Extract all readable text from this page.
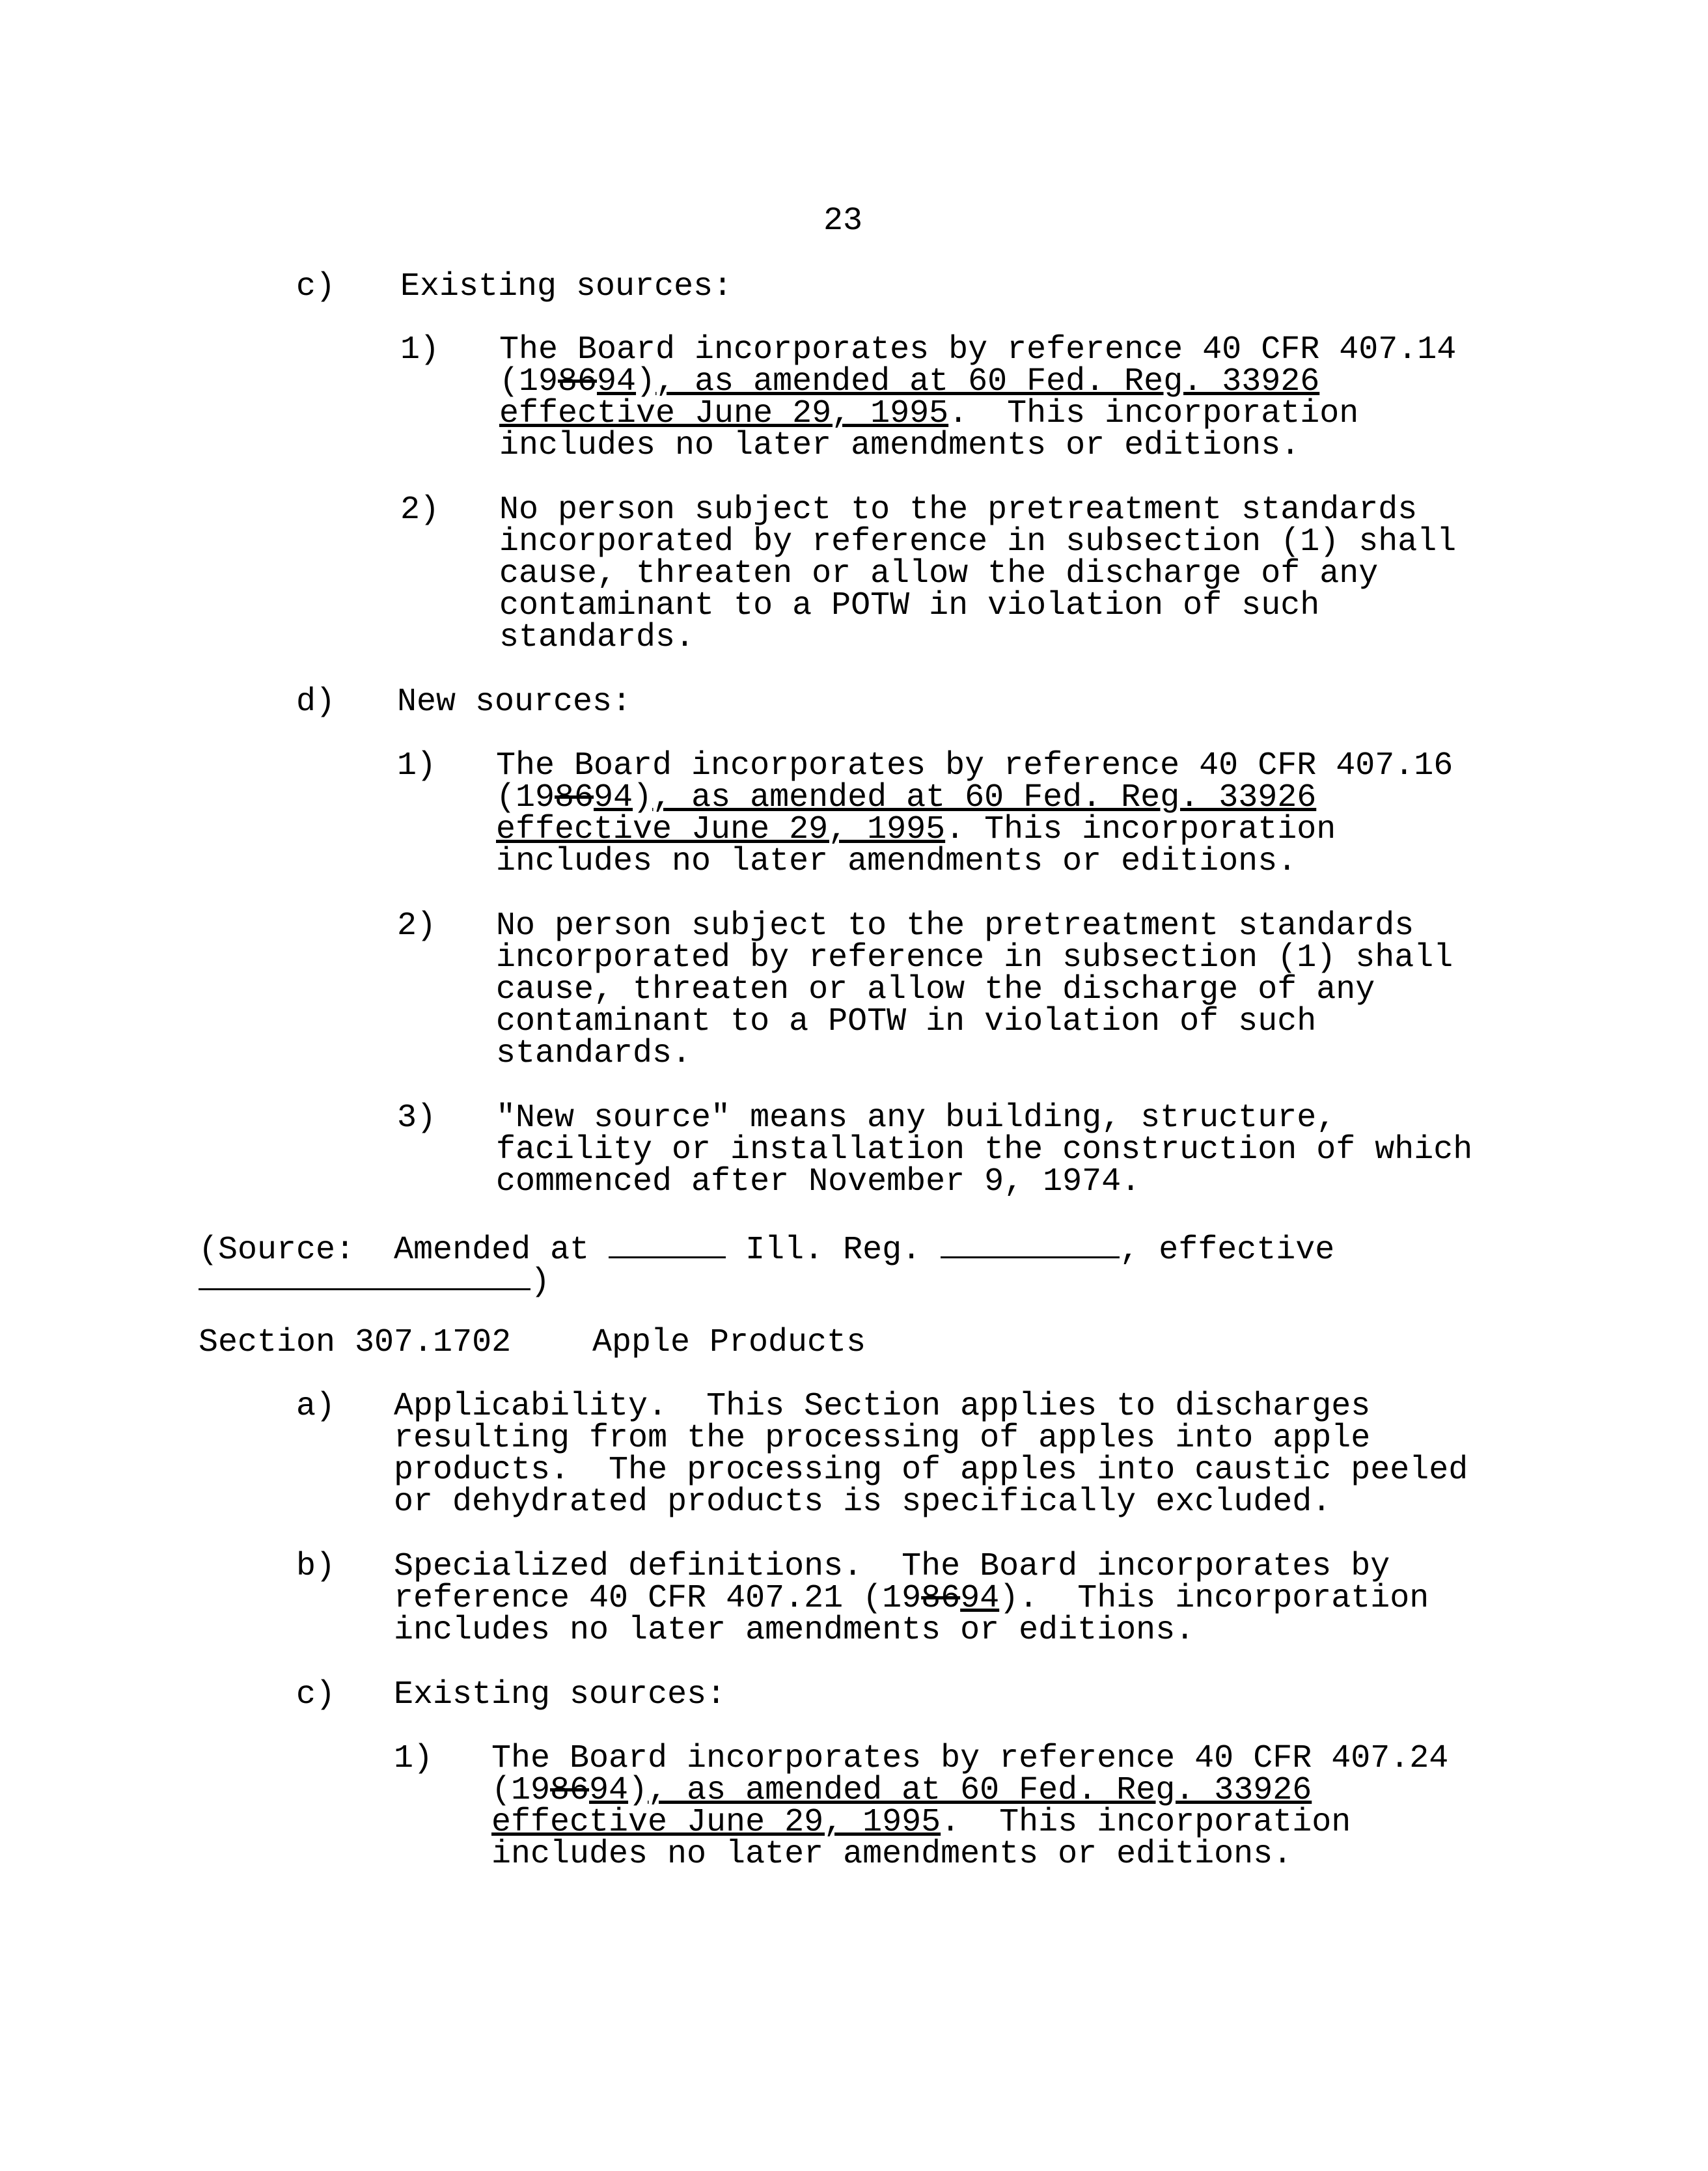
23
c) Existing sources:
1) The Board incorporates by reference 40 CFR 407.14
(198694), as amended at 60 Fed. Reg. 33926
effective June 29, 1995.  This incorporation
includes no later amendments or editions.
2) No person subject to the pretreatment standards
incorporated by reference in subsection (1) shall
cause, threaten or allow the discharge of any
contaminant to a POTW in violation of such
standards.
d) New sources:
1) The Board incorporates by reference 40 CFR 407.16
(198694), as amended at 60 Fed. Reg. 33926
effective June 29, 1995. This incorporation
includes no later amendments or editions.
2) No person subject to the pretreatment standards
incorporated by reference in subsection (1) shall
cause, threaten or allow the discharge of any
contaminant to a POTW in violation of such
standards.
3) "New source" means any building, structure,
facility or installation the construction of which
commenced after November 9, 1974.
(Source:  Amended at	Ill. Reg.	, effective
)
Section 307.1702 Apple Products
a) Applicability.  This Section applies to discharges
resulting from the processing of apples into apple
products.  The processing of apples into caustic peeled
or dehydrated products is specifically excluded.
b) Specialized definitions.  The Board incorporates by
reference 40 CFR 407.21 (198694).  This incorporation
includes no later amendments or editions.
c) Existing sources:
1) The Board incorporates by reference 40 CFR 407.24
(198694), as amended at 60 Fed. Reg. 33926
effective June 29, 1995.  This incorporation
includes no later amendments or editions.
